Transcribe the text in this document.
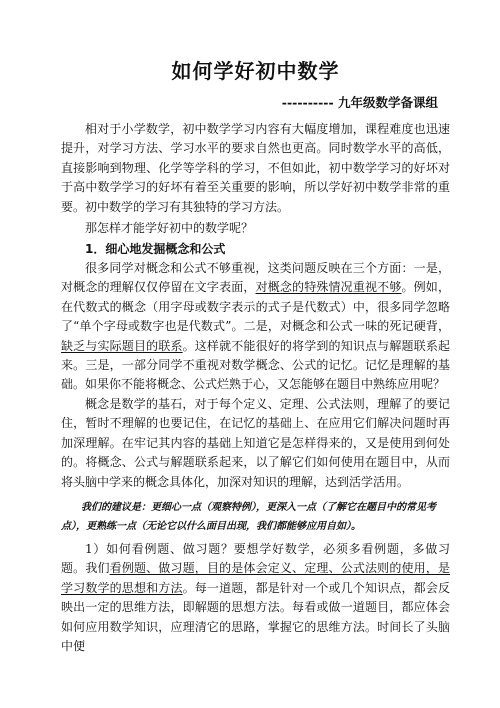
如何学好初中数学
---------- 九年级数学备课组

相对于小学数学，初中数学学习内容有大幅度增加，课程难度也迅速提升，对学习方法、学习水平的要求自然也更高。同时数学水平的高低，直接影响到物理、化学等学科的学习，不但如此，初中数学学习的好坏对于高中数学学习的好坏有着至关重要的影响，所以学好初中数学非常的重要。初中数学的学习有其独特的学习方法。

那怎样才能学好初中的数学呢？
1．细心地发掘概念和公式

很多同学对概念和公式不够重视，这类问题反映在三个方面：一是，对概念的理解仅仅停留在文字表面，对概念的特殊情况重视不够。例如，在代数式的概念（用字母或数字表示的式子是代数式）中，很多同学忽略了“单个字母或数字也是代数式”。二是，对概念和公式一味的死记硬背，缺乏与实际题目的联系。这样就不能很好的将学到的知识点与解题联系起来。三是，一部分同学不重视对数学概念、公式的记忆。记忆是理解的基础。如果你不能将概念、公式烂熟于心，又怎能够在题目中熟练应用呢？

概念是数学的基石，对于每个定义、定理、公式法则，理解了的要记住，暂时不理解的也要记住，在记忆的基础上、在应用它们解决问题时再加深理解。在牢记其内容的基础上知道它是怎样得来的，又是使用到何处的。将概念、公式与解题联系起来，以了解它们如何使用在题目中，从而将头脑中学来的概念具体化，加深对知识的理解，达到活学活用。

我们的建议是：更细心一点（观察特例），更深入一点（了解它在题目中的常见考点），更熟练一点（无论它以什么面目出现，我们都能够应用自如）。

1）如何看例题、做习题？要想学好数学，必须多看例题，多做习题。我们看例题、做习题，目的是体会定义、定理、公式法则的使用，是学习数学的思想和方法。每一道题，都是针对一个或几个知识点，都会反映出一定的思维方法，即解题的思想方法。每看或做一道题目，都应体会如何应用数学知识，应理清它的思路，掌握它的思维方法。时间长了头脑中便
